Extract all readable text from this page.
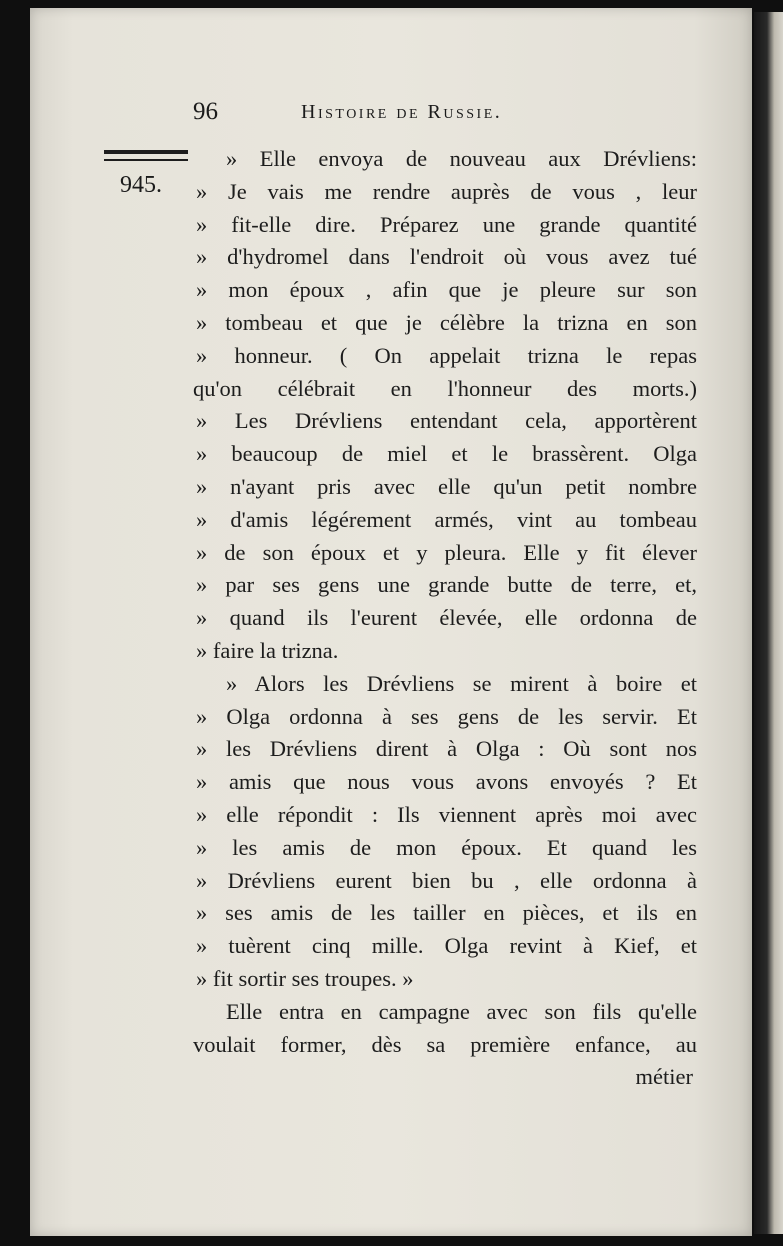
96	Histoire de Russie.
945.
» Elle envoya de nouveau aux Drévliens:
» Je vais me rendre auprès de vous , leur
» fit-elle dire. Préparez une grande quantité
» d'hydromel dans l'endroit où vous avez tué
» mon époux , afin que je pleure sur son
» tombeau et que je célèbre la trizna en son
» honneur. ( On appelait trizna le repas
qu'on célébrait en l'honneur des morts.)
» Les Drévliens entendant cela, apportèrent
» beaucoup de miel et le brassèrent. Olga
» n'ayant pris avec elle qu'un petit nombre
» d'amis légérement armés, vint au tombeau
» de son époux et y pleura. Elle y fit élever
» par ses gens une grande butte de terre, et,
» quand ils l'eurent élevée, elle ordonna de
» faire la trizna.
» Alors les Drévliens se mirent à boire et
» Olga ordonna à ses gens de les servir. Et
» les Drévliens dirent à Olga : Où sont nos
» amis que nous vous avons envoyés ? Et
» elle répondit : Ils viennent après moi avec
» les amis de mon époux. Et quand les
» Drévliens eurent bien bu , elle ordonna à
» ses amis de les tailler en pièces, et ils en
» tuèrent cinq mille. Olga revint à Kief, et
» fit sortir ses troupes. »
Elle entra en campagne avec son fils qu'elle
voulait former, dès sa première enfance, au
métier
